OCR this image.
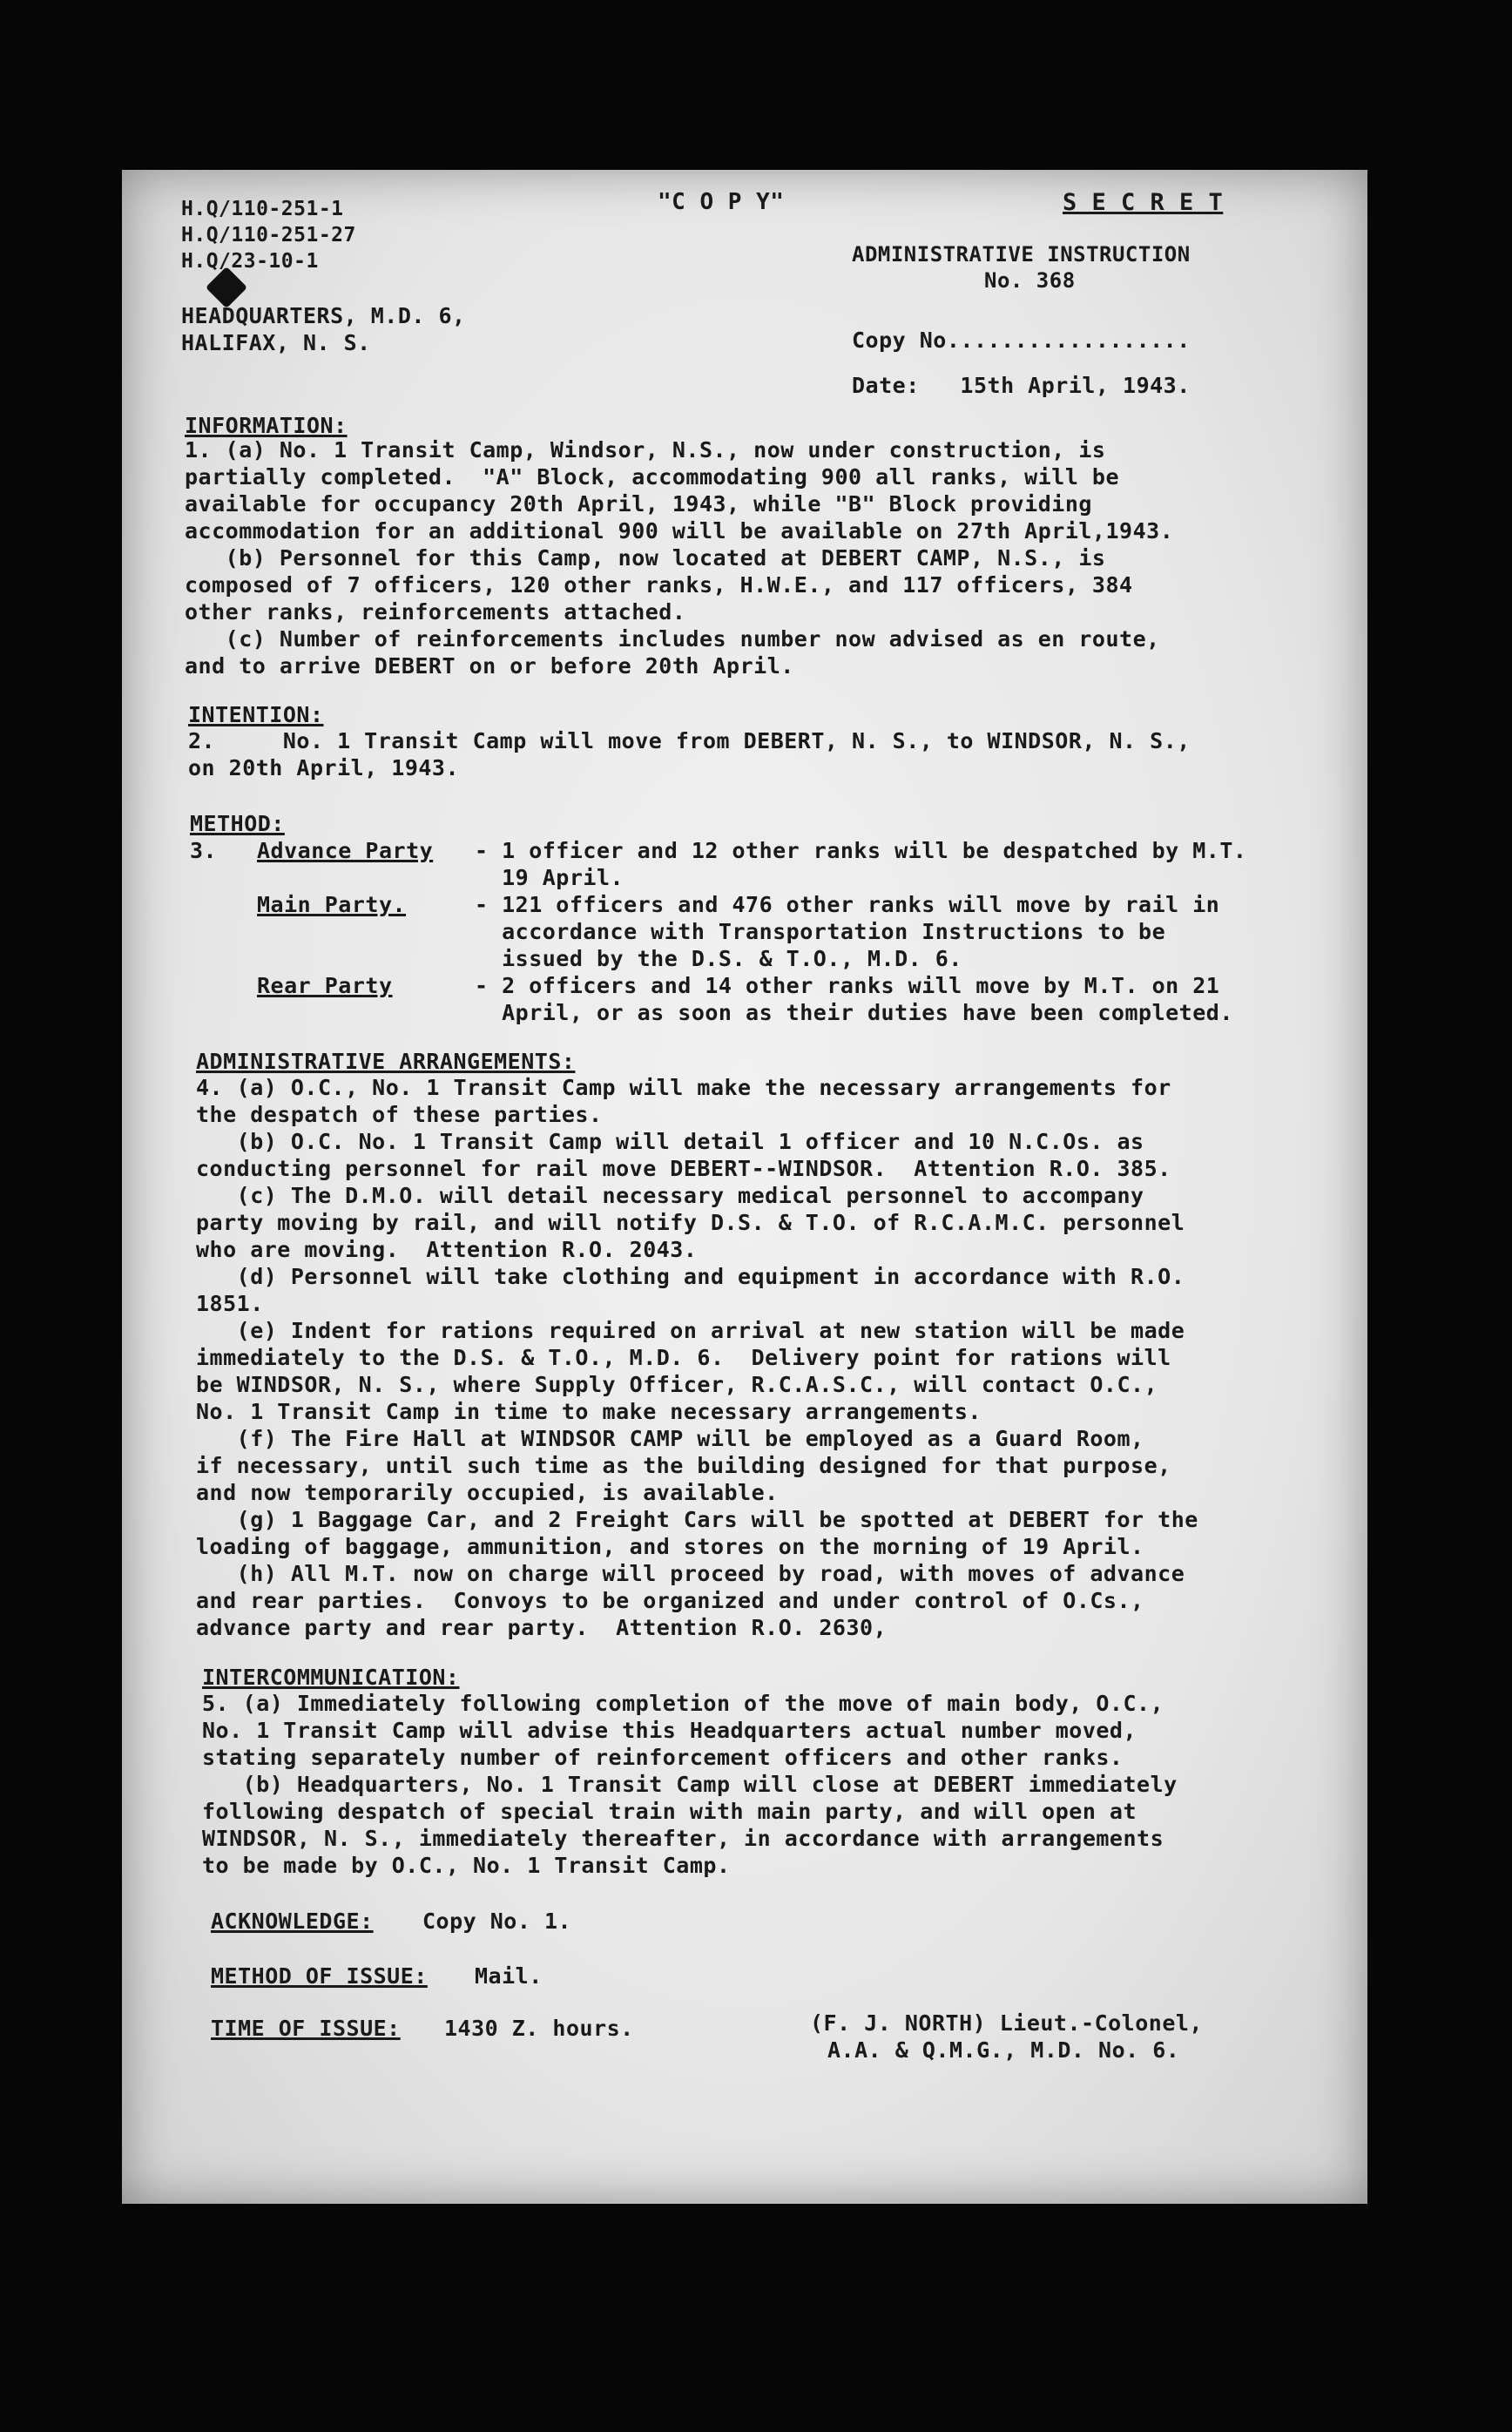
H.Q/110-251-1
H.Q/110-251-27
H.Q/23-10-1
"C O P Y"	S E C R E T
ADMINISTRATIVE INSTRUCTION
No. 368
HEADQUARTERS, M.D. 6,
HALIFAX, N. S.	Copy No..................
Date:   15th April, 1943.
INFORMATION:
1. (a) No. 1 Transit Camp, Windsor, N.S., now under construction, is
partially completed.  "A" Block, accommodating 900 all ranks, will be
available for occupancy 20th April, 1943, while "B" Block providing
accommodation for an additional 900 will be available on 27th April,1943.
(b) Personnel for this Camp, now located at DEBERT CAMP, N.S., is
composed of 7 officers, 120 other ranks, H.W.E., and 117 officers, 384
other ranks, reinforcements attached.
(c) Number of reinforcements includes number now advised as en route,
and to arrive DEBERT on or before 20th April.
INTENTION:
2.     No. 1 Transit Camp will move from DEBERT, N. S., to WINDSOR, N. S.,
on 20th April, 1943.
METHOD:
3. Advance Party - 1 officer and 12 other ranks will be despatched by M.T.
19 April.
Main Party.	- 121 officers and 476 other ranks will move by rail in
accordance with Transportation Instructions to be
issued by the D.S. & T.O., M.D. 6.
Rear Party	- 2 officers and 14 other ranks will move by M.T. on 21
April, or as soon as their duties have been completed.
ADMINISTRATIVE ARRANGEMENTS:
4. (a) O.C., No. 1 Transit Camp will make the necessary arrangements for
the despatch of these parties.
(b) O.C. No. 1 Transit Camp will detail 1 officer and 10 N.C.Os. as
conducting personnel for rail move DEBERT--WINDSOR.  Attention R.O. 385.
(c) The D.M.O. will detail necessary medical personnel to accompany
party moving by rail, and will notify D.S. & T.O. of R.C.A.M.C. personnel
who are moving.  Attention R.O. 2043.
(d) Personnel will take clothing and equipment in accordance with R.O.
1851.
(e) Indent for rations required on arrival at new station will be made
immediately to the D.S. & T.O., M.D. 6.  Delivery point for rations will
be WINDSOR, N. S., where Supply Officer, R.C.A.S.C., will contact O.C.,
No. 1 Transit Camp in time to make necessary arrangements.
(f) The Fire Hall at WINDSOR CAMP will be employed as a Guard Room,
if necessary, until such time as the building designed for that purpose,
and now temporarily occupied, is available.
(g) 1 Baggage Car, and 2 Freight Cars will be spotted at DEBERT for the
loading of baggage, ammunition, and stores on the morning of 19 April.
(h) All M.T. now on charge will proceed by road, with moves of advance
and rear parties.  Convoys to be organized and under control of O.Cs.,
advance party and rear party.  Attention R.O. 2630,
INTERCOMMUNICATION:
5. (a) Immediately following completion of the move of main body, O.C.,
No. 1 Transit Camp will advise this Headquarters actual number moved,
stating separately number of reinforcement officers and other ranks.
(b) Headquarters, No. 1 Transit Camp will close at DEBERT immediately
following despatch of special train with main party, and will open at
WINDSOR, N. S., immediately thereafter, in accordance with arrangements
to be made by O.C., No. 1 Transit Camp.
ACKNOWLEDGE: Copy No. 1.
METHOD OF ISSUE: Mail.
TIME OF ISSUE: 1430 Z. hours.	(F. J. NORTH) Lieut.-Colonel,
A.A. & Q.M.G., M.D. No. 6.
